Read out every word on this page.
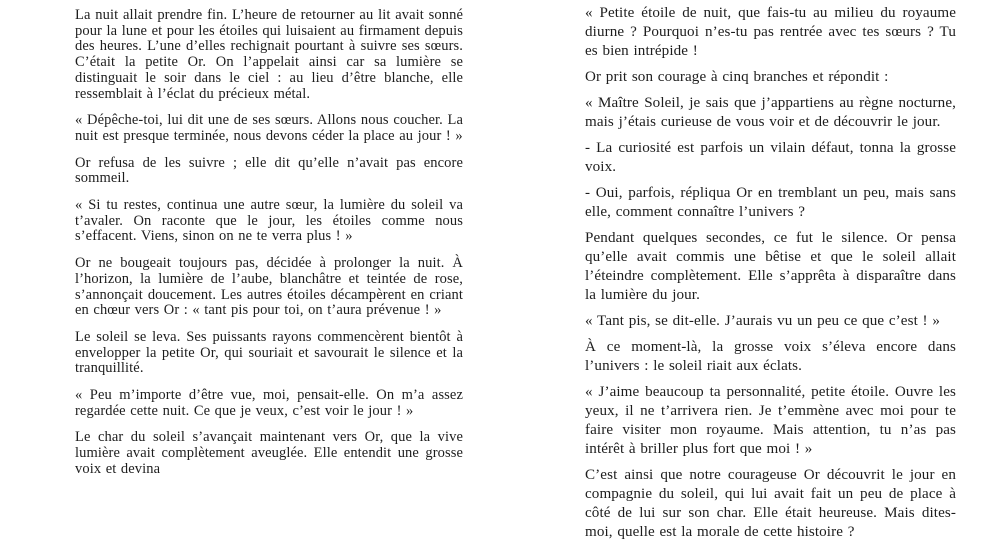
La nuit allait prendre fin. L’heure de retourner au lit avait sonné pour la lune et pour les étoiles qui luisaient au firmament depuis des heures. L’une d’elles rechignait pourtant à suivre ses sœurs. C’était la petite Or. On l’appelait ainsi car sa lumière se distinguait le soir dans le ciel : au lieu d’être blanche, elle ressemblait à l’éclat du précieux métal.

« Dépêche-toi, lui dit une de ses sœurs. Allons nous coucher. La nuit est presque terminée, nous devons céder la place au jour ! »

Or refusa de les suivre ; elle dit qu’elle n’avait pas encore sommeil.

« Si tu restes, continua une autre sœur, la lumière du soleil va t’avaler. On raconte que le jour, les étoiles comme nous s’effacent. Viens, sinon on ne te verra plus ! »

Or ne bougeait toujours pas, décidée à prolonger la nuit. À l’horizon, la lumière de l’aube, blanchâtre et teintée de rose, s’annonçait doucement. Les autres étoiles décampèrent en criant en chœur vers Or : « tant pis pour toi, on t’aura prévenue ! »

Le soleil se leva. Ses puissants rayons commencèrent bientôt à envelopper la petite Or, qui souriait et savourait le silence et la tranquillité.

« Peu m’importe d’être vue, moi, pensait-elle. On m’a assez regardée cette nuit. Ce que je veux, c’est voir le jour ! »

Le char du soleil s’avançait maintenant vers Or, que la vive lumière avait complètement aveuglée. Elle entendit une grosse voix et devina

« Petite étoile de nuit, que fais-tu au milieu du royaume diurne ? Pourquoi n’es-tu pas rentrée avec tes sœurs ? Tu es bien intrépide !

Or prit son courage à cinq branches et répondit :

« Maître Soleil, je sais que j’appartiens au règne nocturne, mais j’étais curieuse de vous voir et de découvrir le jour.

- La curiosité est parfois un vilain défaut, tonna la grosse voix.

- Oui, parfois, répliqua Or en tremblant un peu, mais sans elle, comment connaître l’univers ?

Pendant quelques secondes, ce fut le silence. Or pensa qu’elle avait commis une bêtise et que le soleil allait l’éteindre complètement. Elle s’apprêta à disparaître dans la lumière du jour.

« Tant pis, se dit-elle. J’aurais vu un peu ce que c’est ! »

À ce moment-là, la grosse voix s’éleva encore dans l’univers : le soleil riait aux éclats.

« J’aime beaucoup ta personnalité, petite étoile. Ouvre les yeux, il ne t’arrivera rien. Je t’emmène avec moi pour te faire visiter mon royaume. Mais attention, tu n’as pas intérêt à briller plus fort que moi ! »

C’est ainsi que notre courageuse Or découvrit le jour en compagnie du soleil, qui lui avait fait un peu de place à côté de lui sur son char. Elle était heureuse. Mais dites-moi, quelle est la morale de cette histoire ?
